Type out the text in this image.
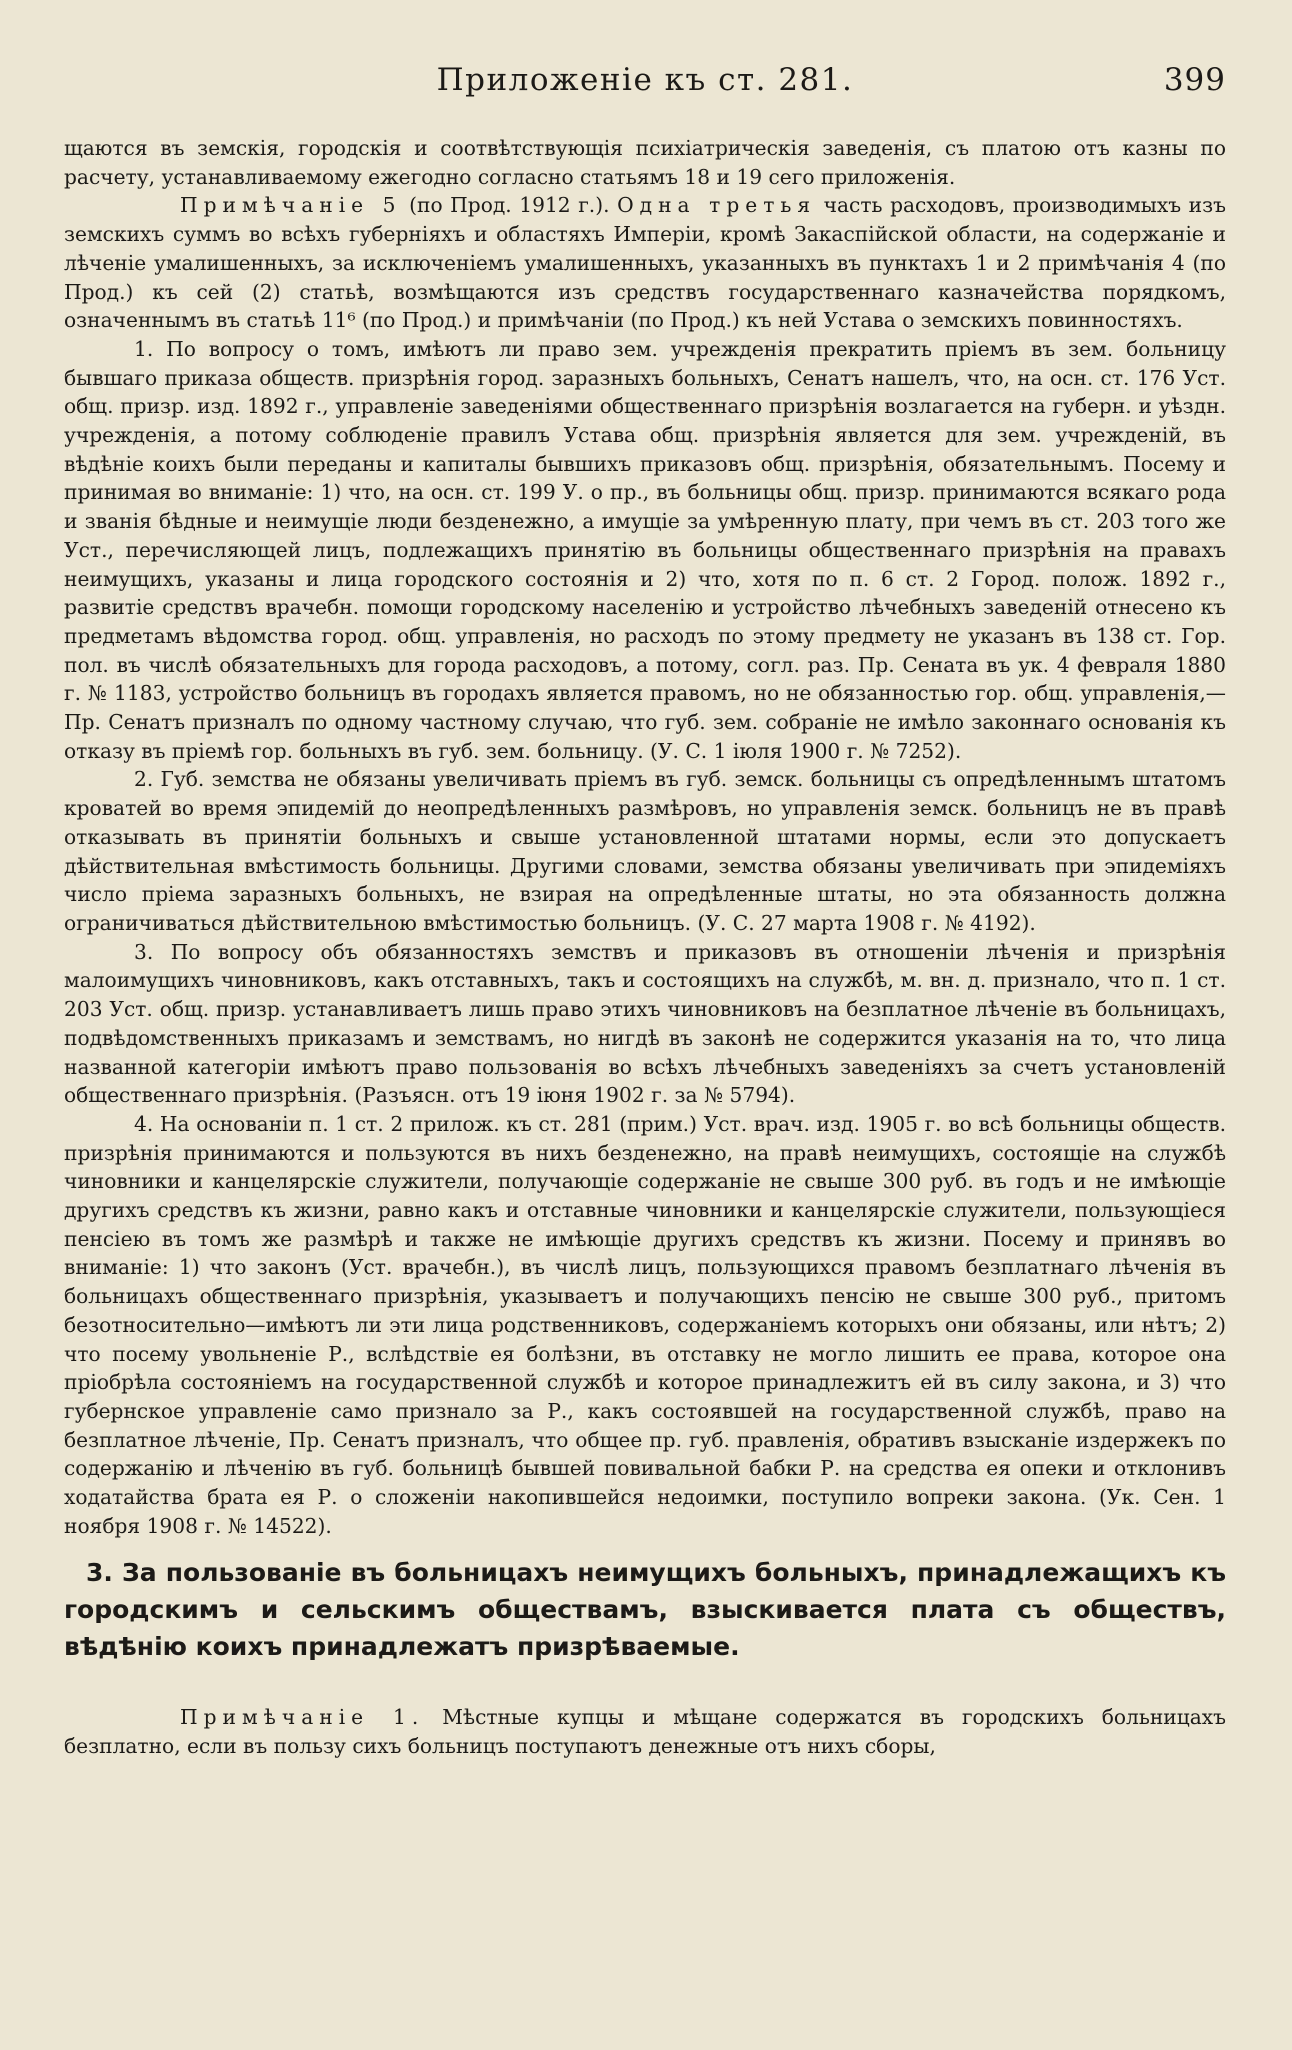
Приложеніе къ ст. 281.	399

щаются въ земскія, городскія и соотвѣтствующія психіатрическія заведенія, съ платою отъ казны по расчету, устанавливаемому ежегодно согласно статьямъ 18 и 19 сего приложенія.

Примѣчаніе 5 (по Прод. 1912 г.). Одна третья часть расходовъ, производимыхъ изъ земскихъ суммъ во всѣхъ губерніяхъ и областяхъ Имперіи, кромѣ Закаспійской области, на содержаніе и лѣченіе умалишенныхъ, за исключеніемъ умалишенныхъ, указанныхъ въ пунктахъ 1 и 2 примѣчанія 4 (по Прод.) къ сей (2) статьѣ, возмѣщаются изъ средствъ государственнаго казначейства порядкомъ, означеннымъ въ статьѣ 11⁶ (по Прод.) и примѣчаніи (по Прод.) къ ней Устава о земскихъ повинностяхъ.

1. По вопросу о томъ, имѣютъ ли право зем. учрежденія прекратить пріемъ въ зем. больницу бывшаго приказа обществ. призрѣнія город. заразныхъ больныхъ, Сенатъ нашелъ, что, на осн. ст. 176 Уст. общ. призр. изд. 1892 г., управленіе заведеніями общественнаго призрѣнія возлагается на губерн. и уѣздн. учрежденія, а потому соблюденіе правилъ Устава общ. призрѣнія является для зем. учрежденій, въ вѣдѣніе коихъ были переданы и капиталы бывшихъ приказовъ общ. призрѣнія, обязательнымъ. Посему и принимая во вниманіе: 1) что, на осн. ст. 199 У. о пр., въ больницы общ. призр. принимаются всякаго рода и званія бѣдные и неимущіе люди безденежно, а имущіе за умѣренную плату, при чемъ въ ст. 203 того же Уст., перечисляющей лицъ, подлежащихъ принятію въ больницы общественнаго призрѣнія на правахъ неимущихъ, указаны и лица городского состоянія и 2) что, хотя по п. 6 ст. 2 Город. полож. 1892 г., развитіе средствъ врачебн. помощи городскому населенію и устройство лѣчебныхъ заведеній отнесено къ предметамъ вѣдомства город. общ. управленія, но расходъ по этому предмету не указанъ въ 138 ст. Гор. пол. въ числѣ обязательныхъ для города расходовъ, а потому, согл. раз. Пр. Сената въ ук. 4 февраля 1880 г. № 1183, устройство больницъ въ городахъ является правомъ, но не обязанностью гор. общ. управленія,—Пр. Сенатъ призналъ по одному частному случаю, что губ. зем. собраніе не имѣло законнаго основанія къ отказу въ пріемѣ гор. больныхъ въ губ. зем. больницу. (У. С. 1 іюля 1900 г. № 7252).

2. Губ. земства не обязаны увеличивать пріемъ въ губ. земск. больницы съ опредѣленнымъ штатомъ кроватей во время эпидемій до неопредѣленныхъ размѣровъ, но управленія земск. больницъ не въ правѣ отказывать въ принятіи больныхъ и свыше установленной штатами нормы, если это допускаетъ дѣйствительная вмѣстимость больницы. Другими словами, земства обязаны увеличивать при эпидеміяхъ число пріема заразныхъ больныхъ, не взирая на опредѣленные штаты, но эта обязанность должна ограничиваться дѣйствительною вмѣстимостью больницъ. (У. С. 27 марта 1908 г. № 4192).

3. По вопросу объ обязанностяхъ земствъ и приказовъ въ отношеніи лѣченія и призрѣнія малоимущихъ чиновниковъ, какъ отставныхъ, такъ и состоящихъ на службѣ, м. вн. д. признало, что п. 1 ст. 203 Уст. общ. призр. устанавливаетъ лишь право этихъ чиновниковъ на безплатное лѣченіе въ больницахъ, подвѣдомственныхъ приказамъ и земствамъ, но нигдѣ въ законѣ не содержится указанія на то, что лица названной категоріи имѣютъ право пользованія во всѣхъ лѣчебныхъ заведеніяхъ за счетъ установленій общественнаго призрѣнія. (Разъясн. отъ 19 іюня 1902 г. за № 5794).

4. На основаніи п. 1 ст. 2 прилож. къ ст. 281 (прим.) Уст. врач. изд. 1905 г. во всѣ больницы обществ. призрѣнія принимаются и пользуются въ нихъ безденежно, на правѣ неимущихъ, состоящіе на службѣ чиновники и канцелярскіе служители, получающіе содержаніе не свыше 300 руб. въ годъ и не имѣющіе другихъ средствъ къ жизни, равно какъ и отставные чиновники и канцелярскіе служители, пользующіеся пенсіею въ томъ же размѣрѣ и также не имѣющіе другихъ средствъ къ жизни. Посему и принявъ во вниманіе: 1) что законъ (Уст. врачебн.), въ числѣ лицъ, пользующихся правомъ безплатнаго лѣченія въ больницахъ общественнаго призрѣнія, указываетъ и получающихъ пенсію не свыше 300 руб., притомъ безотносительно—имѣютъ ли эти лица родственниковъ, содержаніемъ которыхъ они обязаны, или нѣтъ; 2) что посему увольненіе Р., вслѣдствіе ея болѣзни, въ отставку не могло лишить ее права, которое она пріобрѣла состояніемъ на государственной службѣ и которое принадлежитъ ей въ силу закона, и 3) что губернское управленіе само признало за Р., какъ состоявшей на государственной службѣ, право на безплатное лѣченіе, Пр. Сенатъ призналъ, что общее пр. губ. правленія, обративъ взысканіе издержекъ по содержанію и лѣченію въ губ. больницѣ бывшей повивальной бабки Р. на средства ея опеки и отклонивъ ходатайства брата ея Р. о сложеніи накопившейся недоимки, поступило вопреки закона. (Ук. Сен. 1 ноября 1908 г. № 14522).

3. За пользованіе въ больницахъ неимущихъ больныхъ, принадлежащихъ къ городскимъ и сельскимъ обществамъ, взыскивается плата съ обществъ, вѣдѣнію коихъ принадлежатъ призрѣваемые.

Примѣчаніе 1. Мѣстные купцы и мѣщане содержатся въ городскихъ больницахъ безплатно, если въ пользу сихъ больницъ поступаютъ денежные отъ нихъ сборы,
